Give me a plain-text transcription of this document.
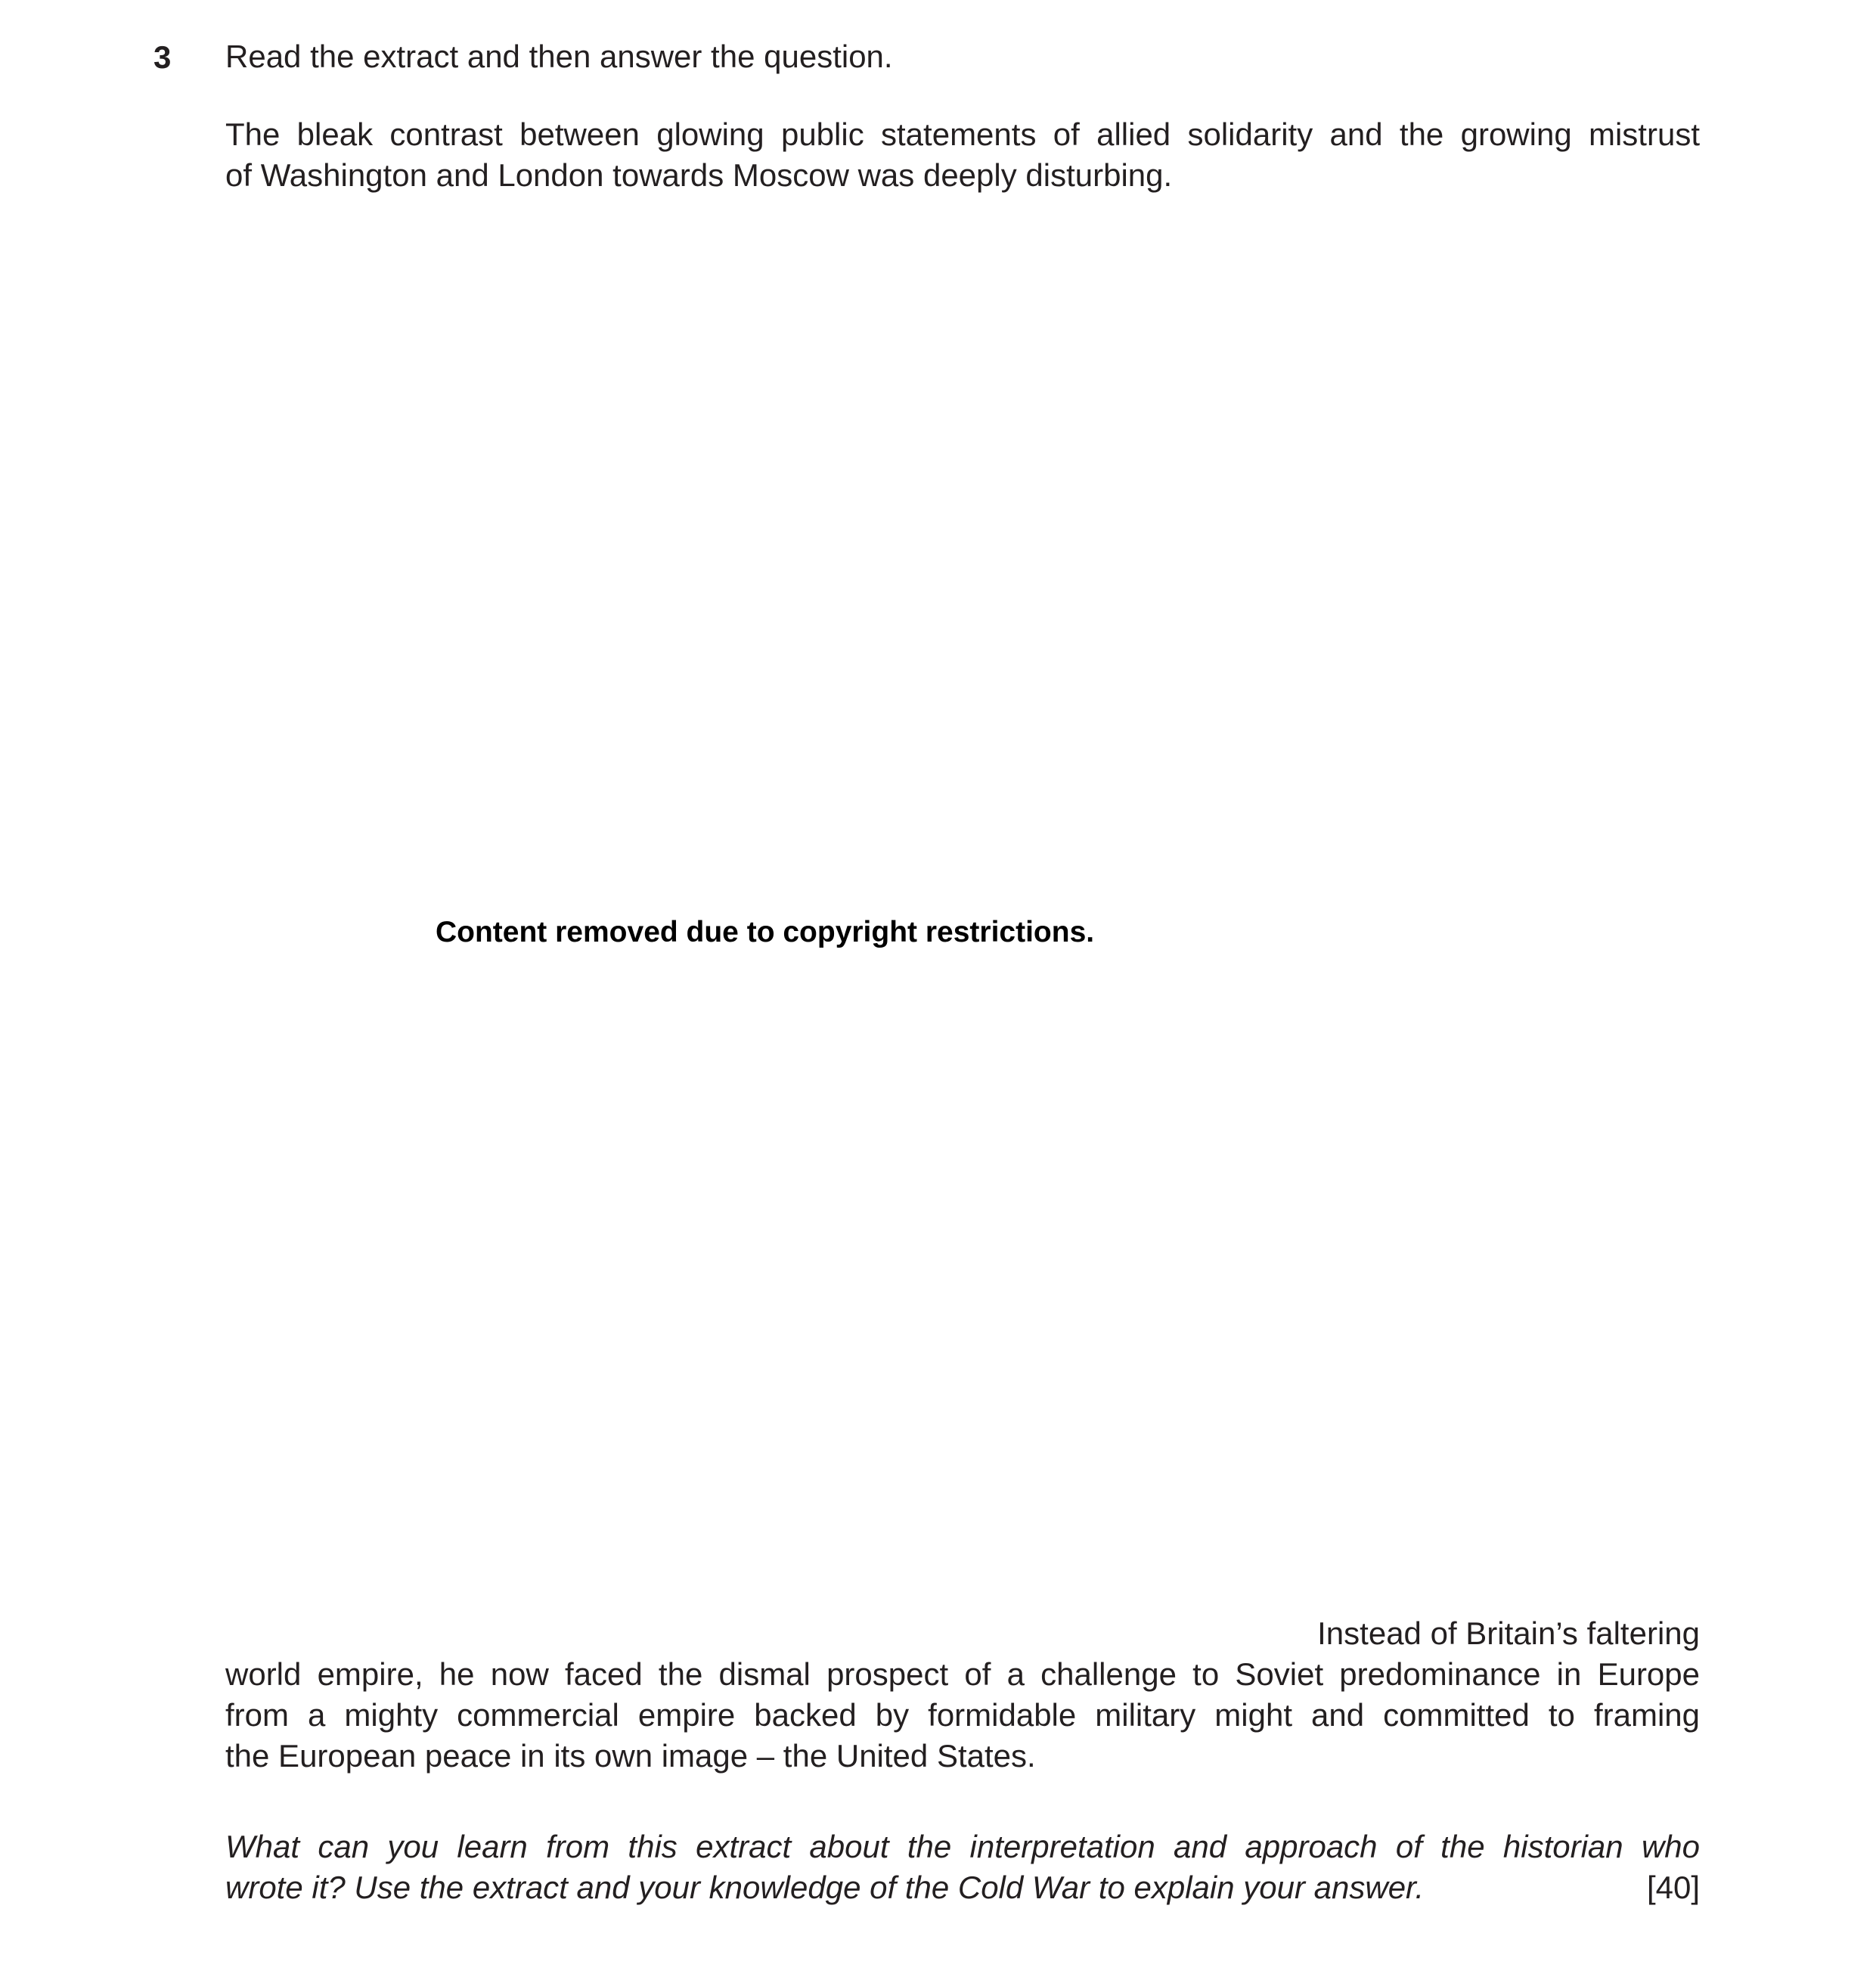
3 Read the extract and then answer the question.
The bleak contrast between glowing public statements of allied solidarity and the growing mistrust
of Washington and London towards Moscow was deeply disturbing.
Content removed due to copyright restrictions.
Instead of Britain’s faltering
world empire, he now faced the dismal prospect of a challenge to Soviet predominance in Europe
from a mighty commercial empire backed by formidable military might and committed to framing
the European peace in its own image – the United States.
What can you learn from this extract about the interpretation and approach of the historian who
wrote it? Use the extract and your knowledge of the Cold War to explain your answer.	[40]
